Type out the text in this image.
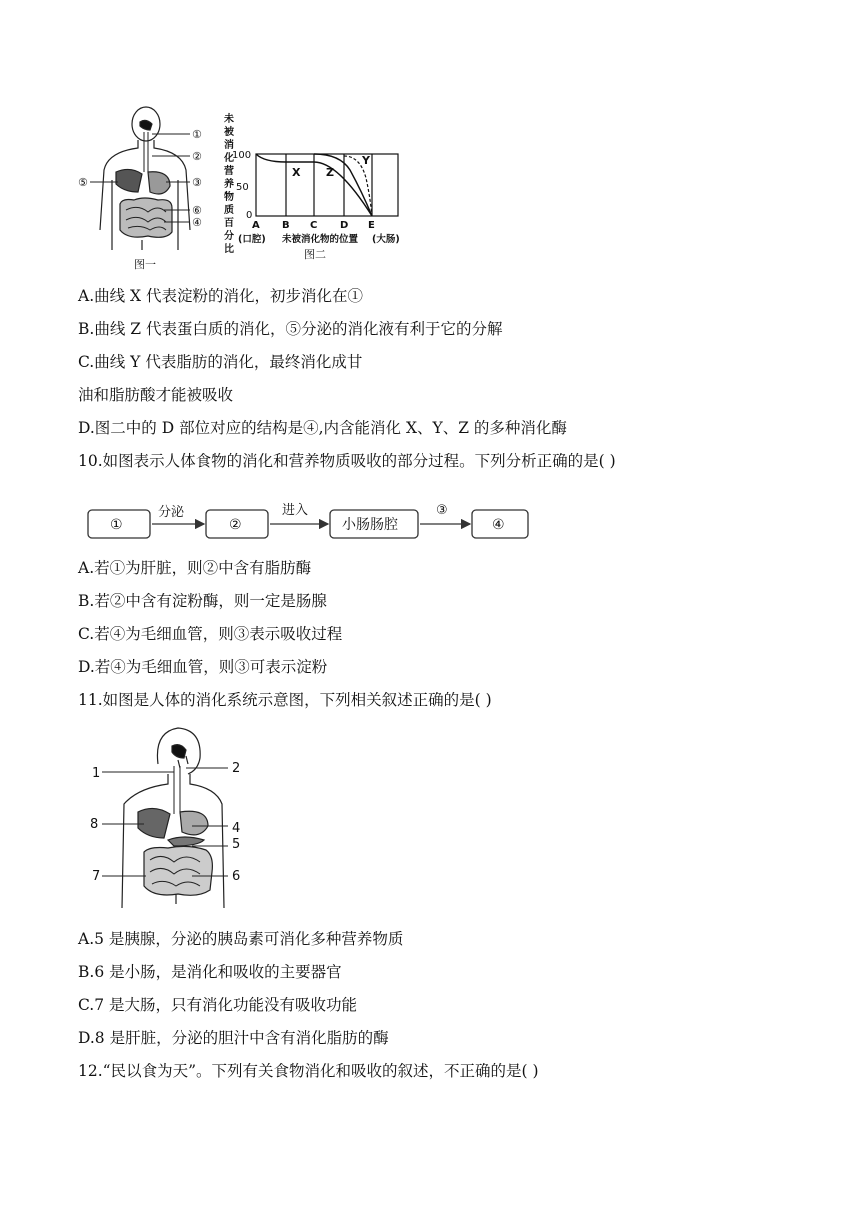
①
②
③
⑤
⑥
④
图一
未
被
消
化
营
养
物
质
百
分
比
100
50
0
X Z
Y
A B C D E
(口腔) 未被消化物的位置 (大肠)
图二
A.曲线 X 代表淀粉的消化，初步消化在①
B.曲线 Z 代表蛋白质的消化，⑤分泌的消化液有利于它的分解
C.曲线 Y 代表脂肪的消化，最终消化成甘
油和脂肪酸才能被吸收
D.图二中的 D 部位对应的结构是④,内含能消化 X、Y、Z 的多种消化酶
10.如图表示人体食物的消化和营养物质吸收的部分过程。下列分析正确的是( )
①
分泌
②
进入
小肠肠腔
③
④
A.若①为肝脏，则②中含有脂肪酶
B.若②中含有淀粉酶，则一定是肠腺
C.若④为毛细血管，则③表示吸收过程
D.若④为毛细血管，则③可表示淀粉
11.如图是人体的消化系统示意图，下列相关叙述正确的是( )
1	2
8	4
5
7	6
A.5 是胰腺，分泌的胰岛素可消化多种营养物质
B.6 是小肠，是消化和吸收的主要器官
C.7 是大肠，只有消化功能没有吸收功能
D.8 是肝脏，分泌的胆汁中含有消化脂肪的酶
12.“民以食为天”。下列有关食物消化和吸收的叙述，不正确的是( )
